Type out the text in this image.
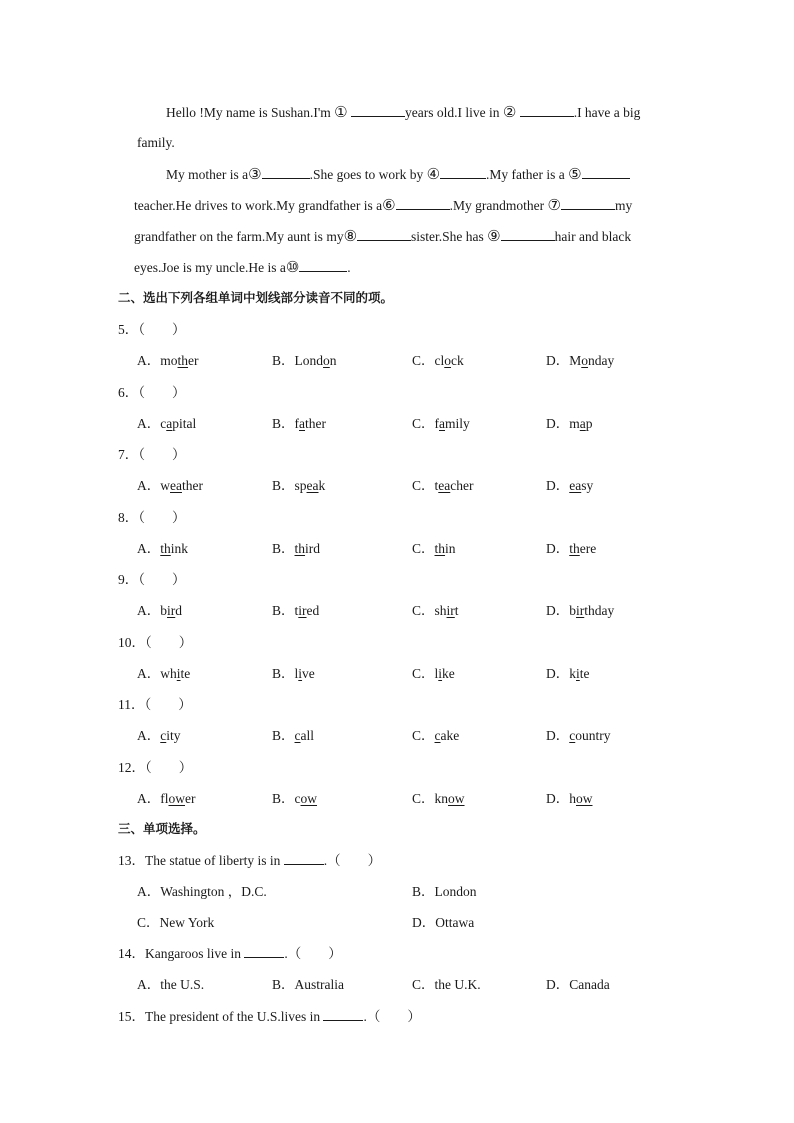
Hello !My name is Sushan.I'm ①	years old.I live in ②	.I have a big
family.
My mother is a③	.She goes to work by ④	.My father is a ⑤
teacher.He drives to work.My grandfather is a⑥	.My grandmother ⑦	my
grandfather on the farm.My aunt is my⑧	sister.She has ⑨	hair and black
eyes.Joe is my uncle.He is a⑩	.
二、选出下列各组单词中划线部分读音不同的项。
5．（　　）
A．mother	B．London	C．clock	D．Monday
6．（　　）
A．capital	B．father	C．family	D．map
7．（　　）
A．weather	B．speak	C．teacher	D．easy
8．（　　）
A．think	B．third	C．thin	D．there
9．（　　）
A．bird	B．tired	C．shirt	D．birthday
10．（　　）
A．white	B．live	C．like	D．kite
11．（　　）
A．city	B．call	C．cake	D．country
12．（　　）
A．flower	B．cow	C．know	D．how
三、单项选择。
13．The statue of liberty is in	.（　　）
A．Washington ，D.C.	B．London
C．New York	D．Ottawa
14．Kangaroos live in	.（　　）
A．the U.S.	B．Australia	C．the U.K.	D．Canada
15．The president of the U.S.lives in	.（　　）
